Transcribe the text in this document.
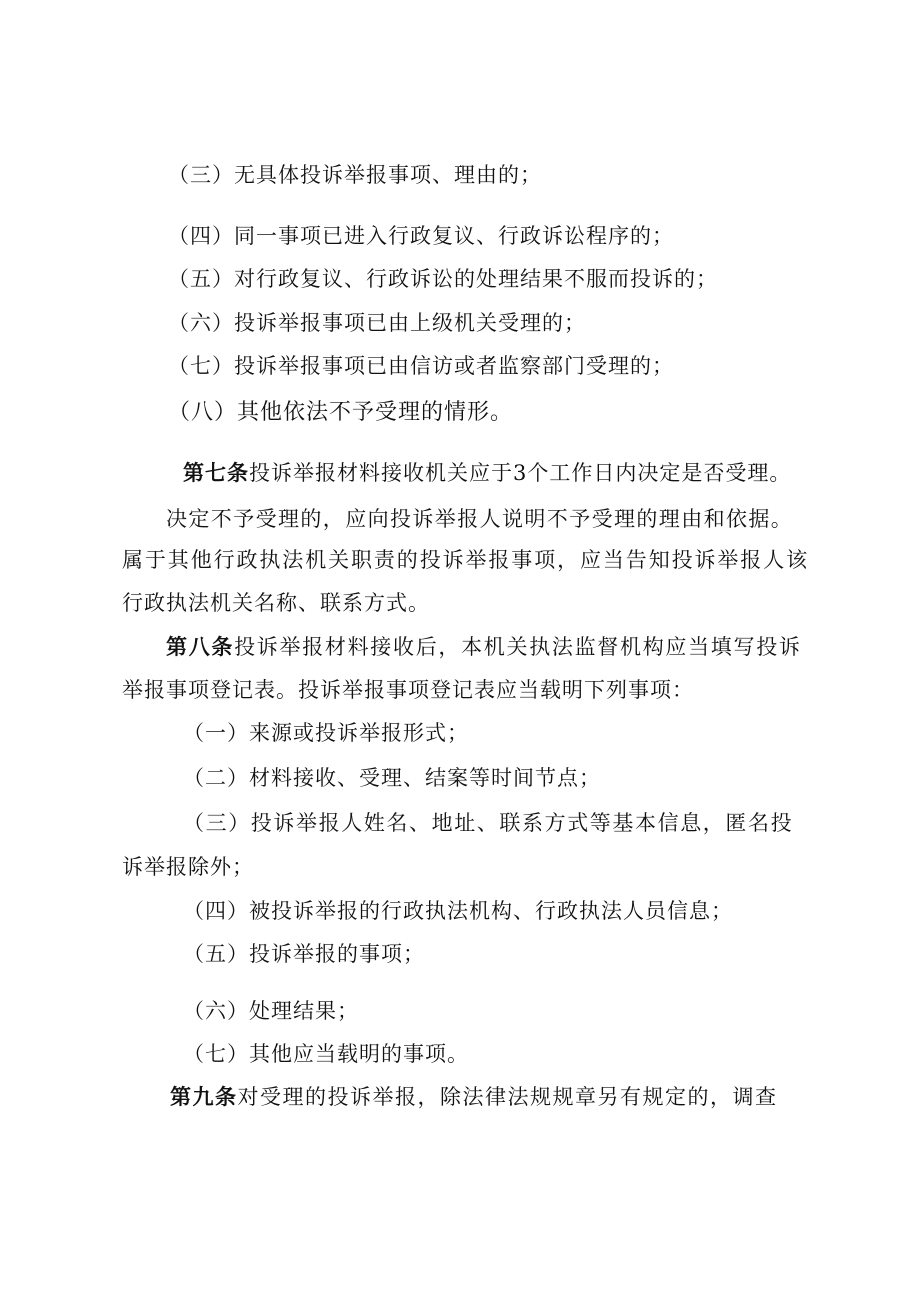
（三）无具体投诉举报事项、理由的；
（四）同一事项已进入行政复议、行政诉讼程序的；
（五）对行政复议、行政诉讼的处理结果不服而投诉的；
（六）投诉举报事项已由上级机关受理的；
（七）投诉举报事项已由信访或者监察部门受理的；
（八）其他依法不予受理的情形。
第七条投诉举报材料接收机关应于3个工作日内决定是否受理。
决定不予受理的，应向投诉举报人说明不予受理的理由和依据。
属于其他行政执法机关职责的投诉举报事项，应当告知投诉举报人该
行政执法机关名称、联系方式。
第八条投诉举报材料接收后，本机关执法监督机构应当填写投诉
举报事项登记表。投诉举报事项登记表应当载明下列事项：
（一）来源或投诉举报形式；
（二）材料接收、受理、结案等时间节点；
（三）投诉举报人姓名、地址、联系方式等基本信息，匿名投
诉举报除外；
（四）被投诉举报的行政执法机构、行政执法人员信息；
（五）投诉举报的事项；
（六）处理结果；
（七）其他应当载明的事项。
第九条对受理的投诉举报，除法律法规规章另有规定的，调查
